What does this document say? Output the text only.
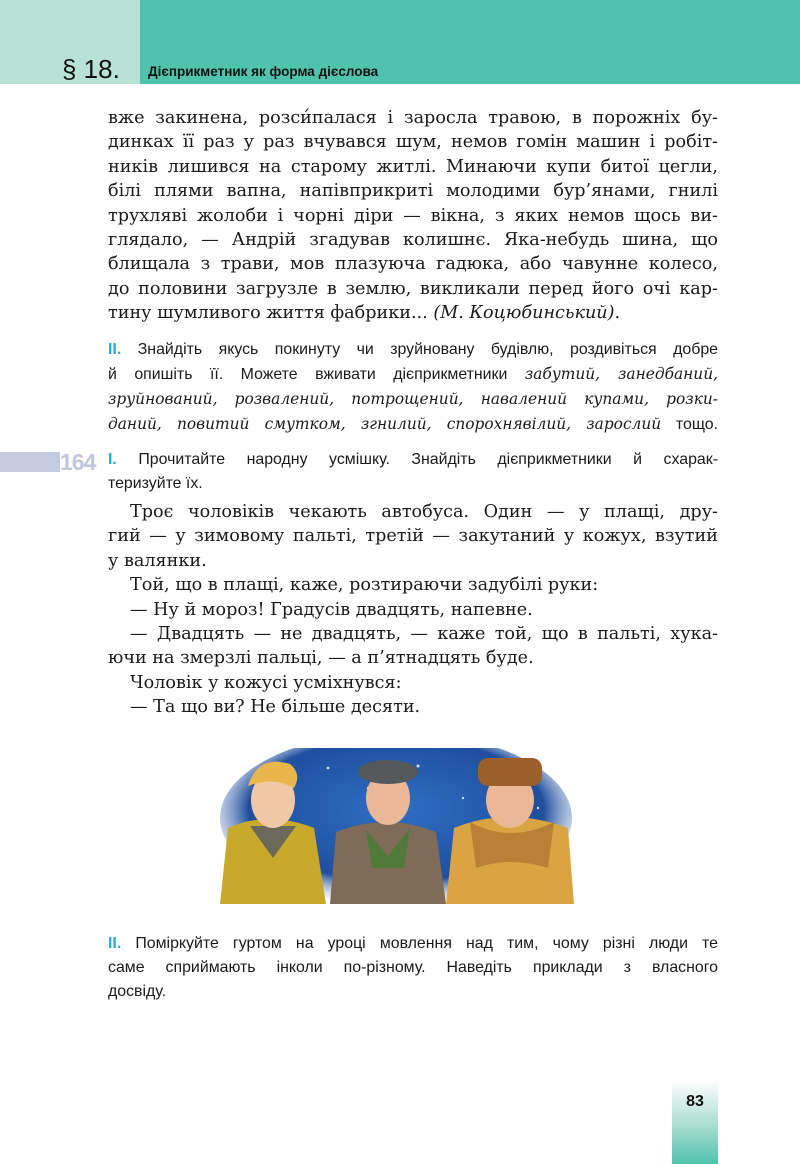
§ 18. Дієприкметник як форма дієслова
вже закинена, розси́палася і заросла травою, в порожніх бу-
динках її раз у раз вчувався шум, немов гомін машин і робіт-
ників лишився на старому житлі. Минаючи купи битої цегли,
білі плями вапна, напівприкриті молодими бур’янами, гнилі
трухляві жолоби і чорні діри — вікна, з яких немов щось ви-
глядало, — Андрій згадував колишнє. Яка-небудь шина, що
блищала з трави, мов плазуюча гадюка, або чавунне колесо,
до половини загрузле в землю, викликали перед його очі кар-
тину шумливого життя фабрики... (М. Коцюбинський).
ІІ. Знайдіть якусь покинуту чи зруйновану будівлю, роздивіться добре
й опишіть її. Можете вживати дієприкметники забутий, занедбаний,
зруйнований, розвалений, потрощений, навалений купами, розки-
даний, повитий смутком, згнилий, спорохнявілий, зарослий тощо.
164 І. Прочитайте народну усмішку. Знайдіть дієприкметники й схарак-
теризуйте їх.
Троє чоловіків чекають автобуса. Один — у плащі, дру-
гий — у зимовому пальті, третій — закутаний у кожух, взутий
у валянки.
Той, що в плащі, каже, розтираючи задубілі руки:
— Ну й мороз! Градусів двадцять, напевне.
— Двадцять — не двадцять, — каже той, що в пальті, хука-
ючи на змерзлі пальці, — а п’ятнадцять буде.
Чоловік у кожусі усміхнувся:
— Та що ви? Не більше десяти.
ІІ. Поміркуйте гуртом на уроці мовлення над тим, чому різні люди те
саме сприймають інколи по-різному. Наведіть приклади з власного
досвіду.
83
